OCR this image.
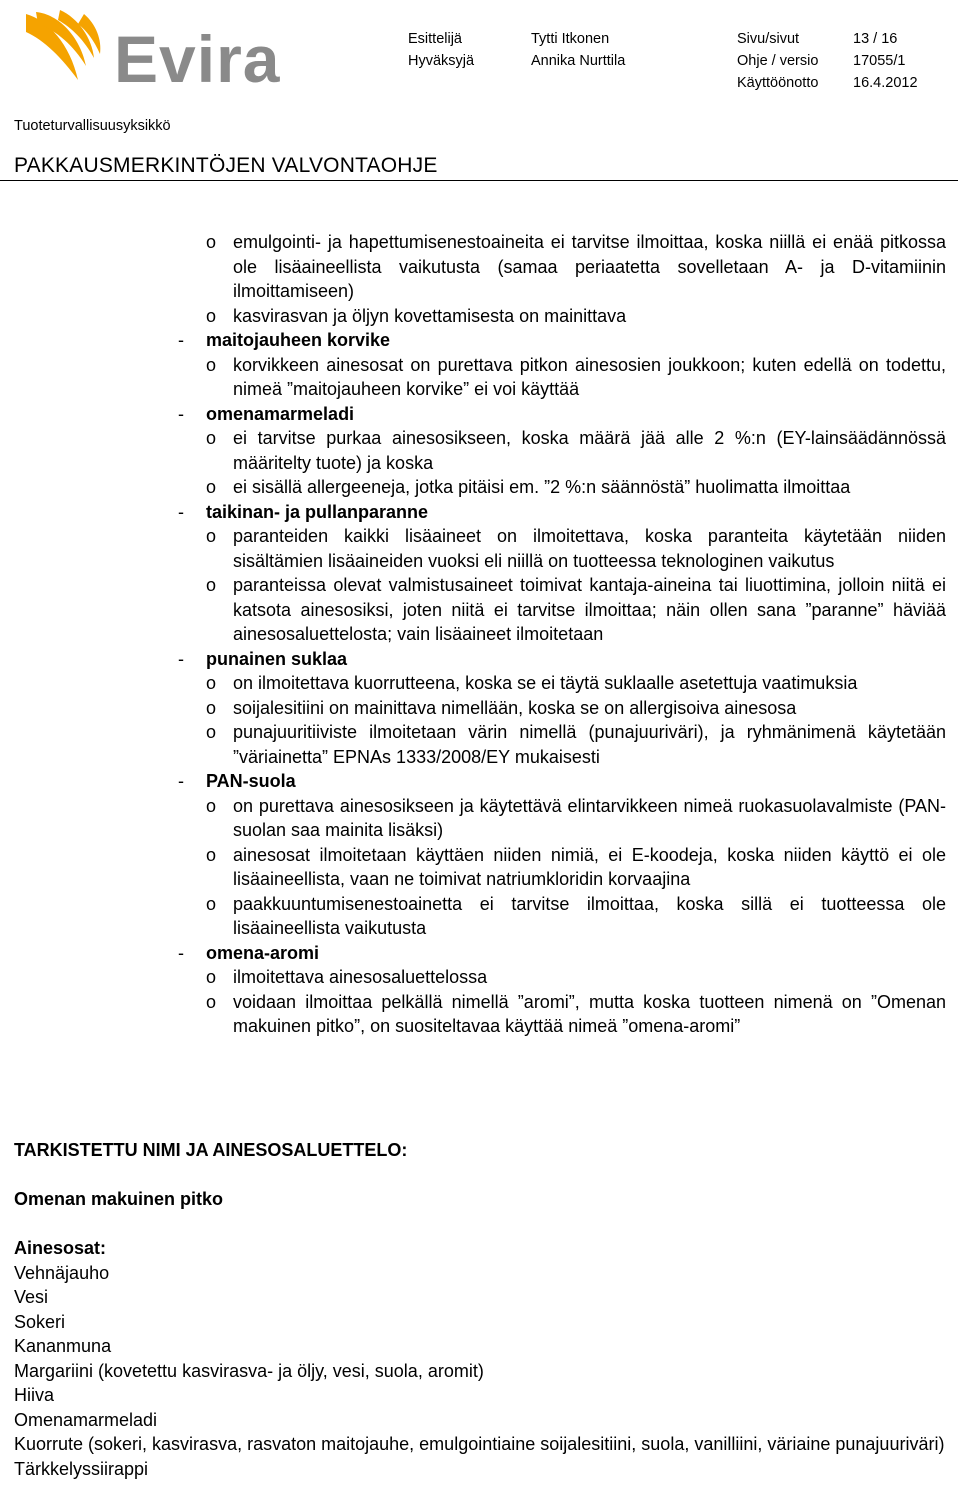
Evira	Esittelijä
Hyväksyjä
Tytti Itkonen
Annika Nurttila
Sivu/sivut
Ohje / versio
Käyttöönotto
13 / 16
17055/1
16.4.2012
Tuoteturvallisuusyksikkö
PAKKAUSMERKINTÖJEN VALVONTAOHJE
o emulgointi- ja hapettumisenestoaineita ei tarvitse ilmoittaa, koska niillä ei enää pitkossa ole lisäaineellista vaikutusta (samaa periaatetta sovelletaan A- ja D-vitamiinin ilmoittamiseen)
o kasvirasvan ja öljyn kovettamisesta on mainittava
- maitojauheen korvike
o korvikkeen ainesosat on purettava pitkon ainesosien joukkoon; kuten edellä on todettu, nimeä ”maitojauheen korvike” ei voi käyttää
- omenamarmeladi
o ei tarvitse purkaa ainesosikseen, koska määrä jää alle 2 %:n (EY-lainsäädännössä määritelty tuote) ja koska
o ei sisällä allergeeneja, jotka pitäisi em. ”2 %:n säännöstä” huolimatta ilmoittaa
- taikinan- ja pullanparanne
o paranteiden kaikki lisäaineet on ilmoitettava, koska paranteita käytetään niiden sisältämien lisäaineiden vuoksi eli niillä on tuotteessa teknologinen vaikutus
o paranteissa olevat valmistusaineet toimivat kantaja-aineina tai liuottimina, jolloin niitä ei katsota ainesosiksi, joten niitä ei tarvitse ilmoittaa; näin ollen sana ”paranne” häviää ainesosaluettelosta; vain lisäaineet ilmoitetaan
- punainen suklaa
o on ilmoitettava kuorrutteena, koska se ei täytä suklaalle asetettuja vaatimuksia
o soijalesitiini on mainittava nimellään, koska se on allergisoiva ainesosa
o punajuuritiiviste ilmoitetaan värin nimellä (punajuuriväri), ja ryhmänimenä käytetään ”väriainetta” EPNAs 1333/2008/EY mukaisesti
- PAN-suola
o on purettava ainesosikseen ja käytettävä elintarvikkeen nimeä ruokasuolavalmiste (PAN-suolan saa mainita lisäksi)
o ainesosat ilmoitetaan käyttäen niiden nimiä, ei E-koodeja, koska niiden käyttö ei ole lisäaineellista, vaan ne toimivat natriumkloridin korvaajina
o paakkuuntumisenestoainetta ei tarvitse ilmoittaa, koska sillä ei tuotteessa ole lisäaineellista vaikutusta
- omena-aromi
o ilmoitettava ainesosaluettelossa
o voidaan ilmoittaa pelkällä nimellä ”aromi”, mutta koska tuotteen nimenä on ”Omenan makuinen pitko”, on suositeltavaa käyttää nimeä ”omena-aromi”
TARKISTETTU NIMI JA AINESOSALUETTELO:
Omenan makuinen pitko
Ainesosat:
Vehnäjauho
Vesi
Sokeri
Kananmuna
Margariini (kovetettu kasvirasva- ja öljy, vesi, suola, aromit)
Hiiva
Omenamarmeladi
Kuorrute (sokeri, kasvirasva, rasvaton maitojauhe, emulgointiaine soijalesitiini, suola, vanilliini, väriaine punajuuriväri)
Tärkkelyssiirappi
